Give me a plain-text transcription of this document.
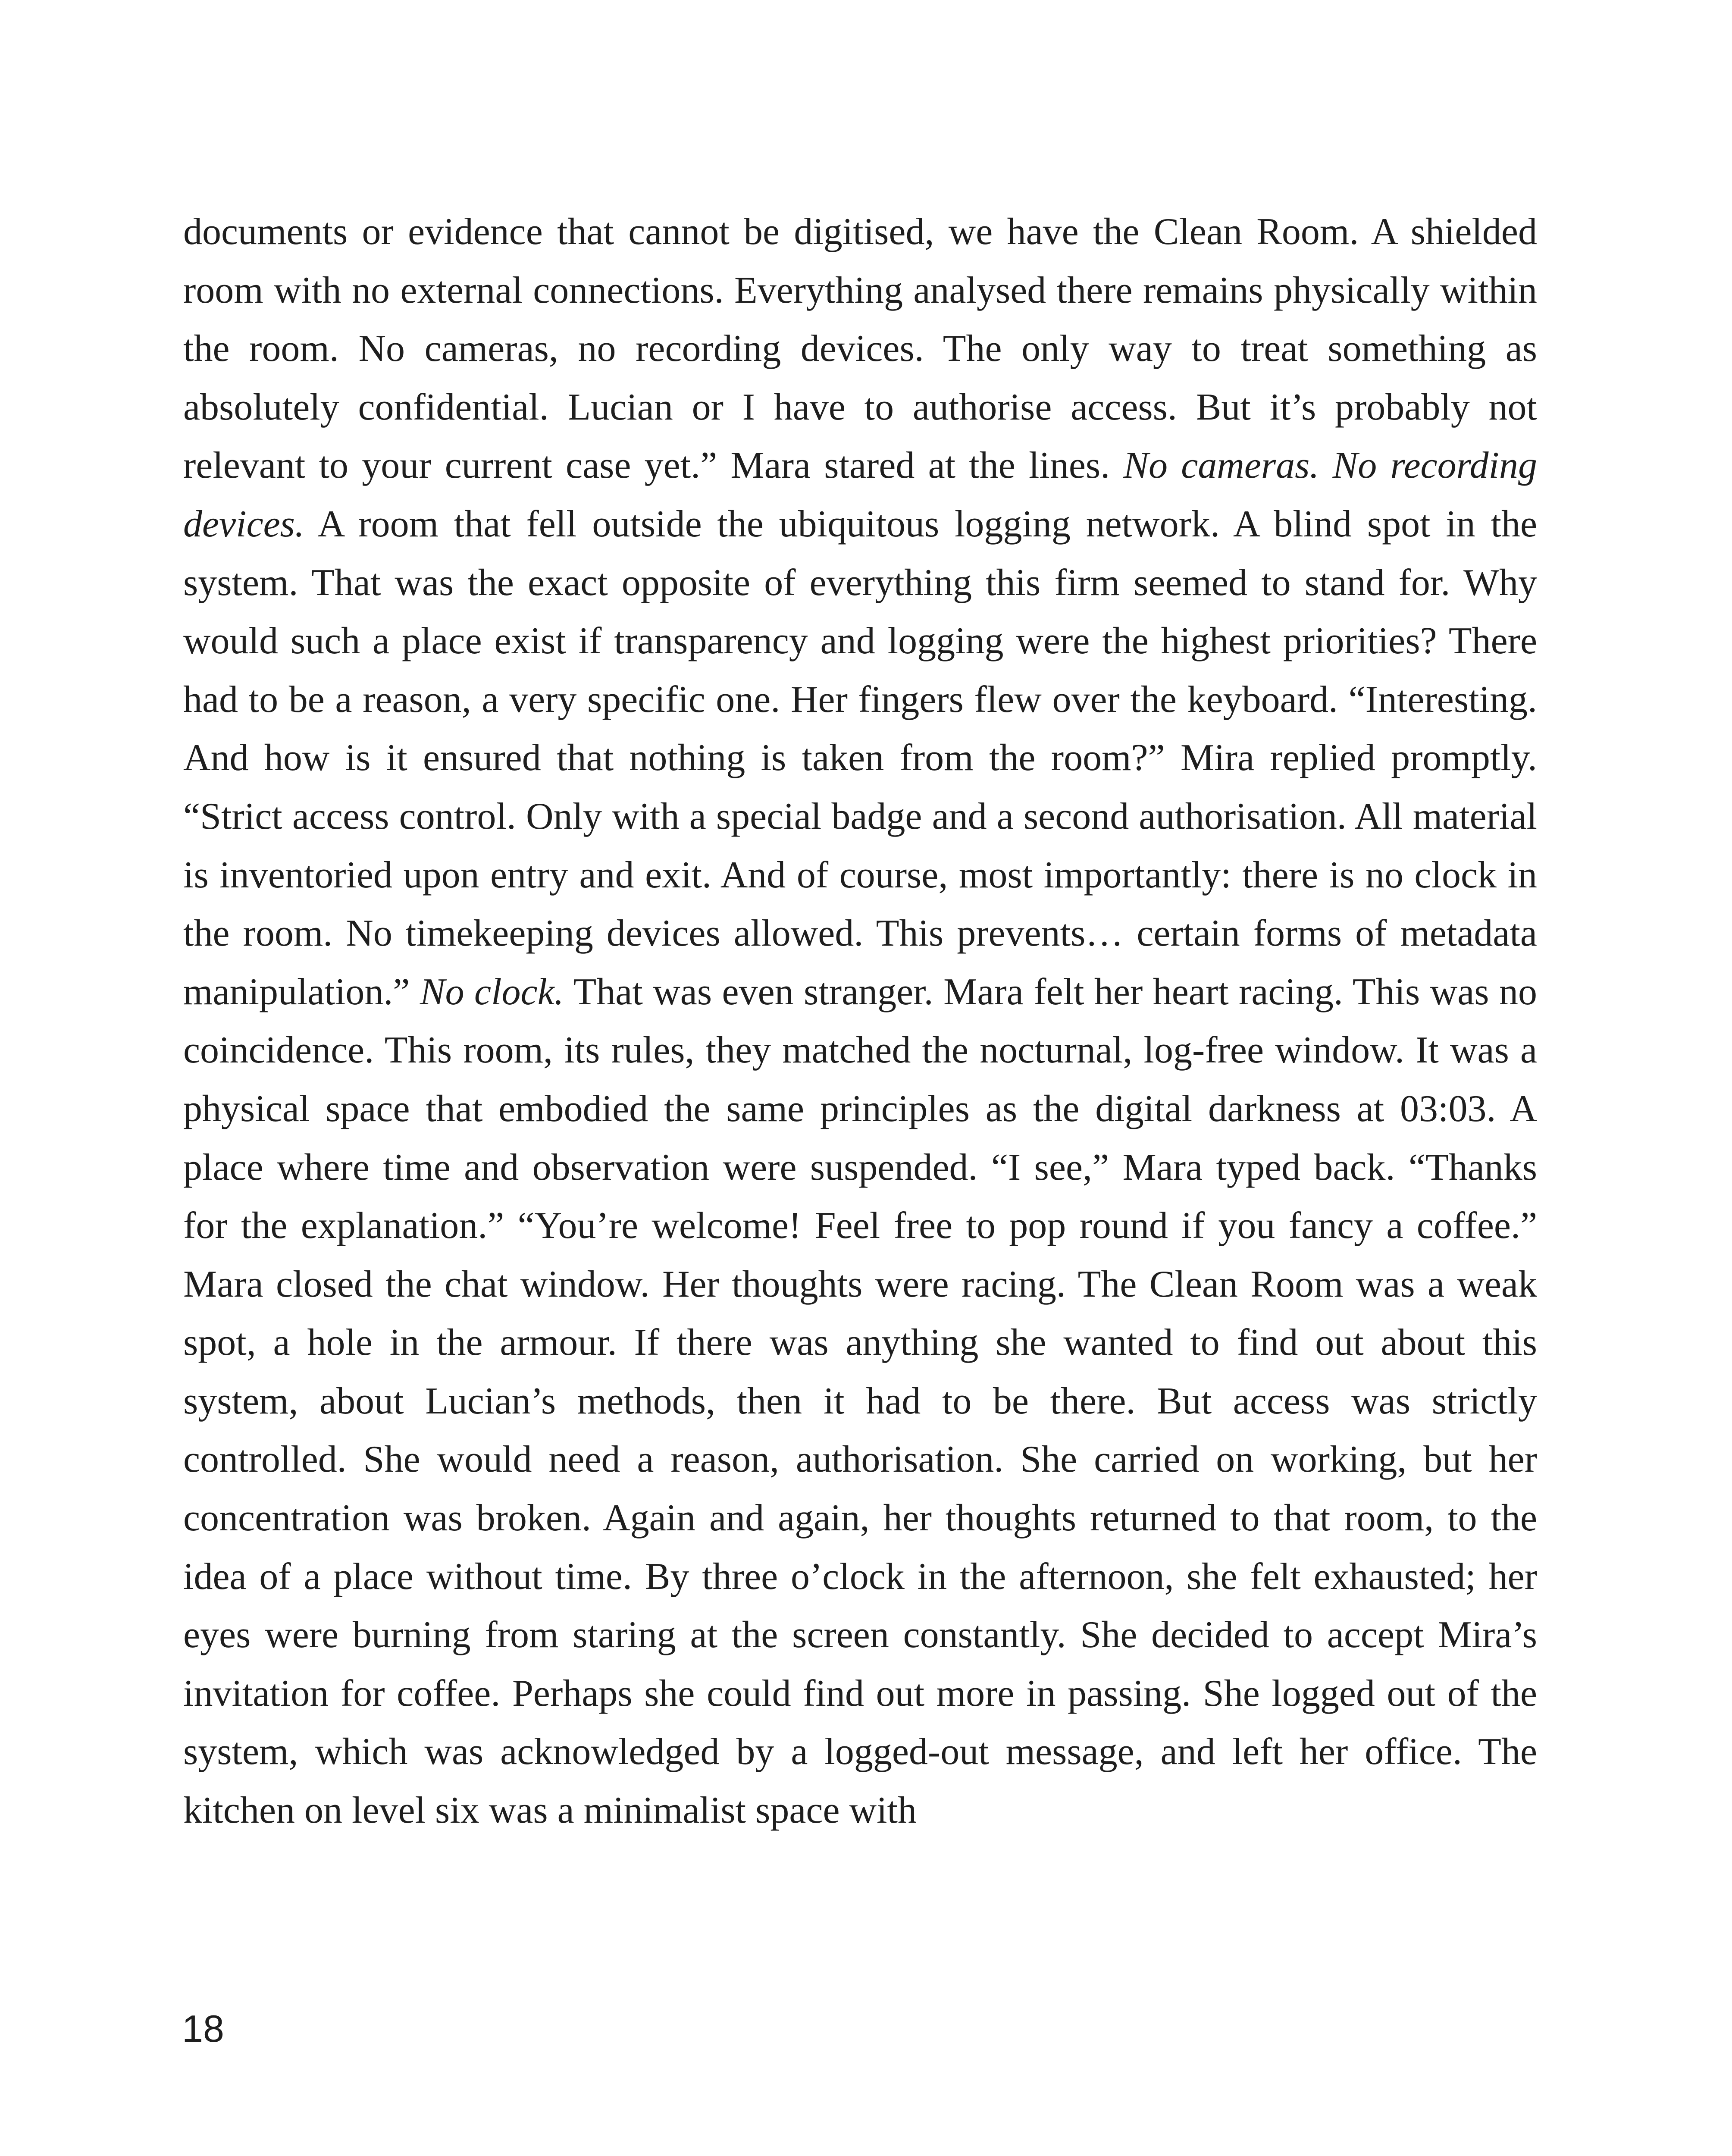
documents or evidence that cannot be digitised, we have the Clean Room. A shielded room with no external connections. Everything analysed there remains physically within the room. No cameras, no recording devices. The only way to treat something as absolutely confidential. Lucian or I have to authorise access. But it’s probably not relevant to your current case yet.” Mara stared at the lines. No cameras. No recording devices. A room that fell outside the ubiquitous logging network. A blind spot in the system. That was the exact opposite of everything this firm seemed to stand for. Why would such a place exist if transparency and logging were the highest priorities? There had to be a reason, a very specific one. Her fingers flew over the keyboard. “Interesting. And how is it ensured that nothing is taken from the room?” Mira replied promptly. “Strict access control. Only with a special badge and a second authorisation. All material is inventoried upon entry and exit. And of course, most importantly: there is no clock in the room. No timekeeping devices allowed. This prevents… certain forms of metadata manipulation.” No clock. That was even stranger. Mara felt her heart racing. This was no coincidence. This room, its rules, they matched the nocturnal, log-free window. It was a physical space that embodied the same principles as the digital darkness at 03:03. A place where time and observation were suspended. “I see,” Mara typed back. “Thanks for the explanation.” “You’re welcome! Feel free to pop round if you fancy a coffee.” Mara closed the chat window. Her thoughts were racing. The Clean Room was a weak spot, a hole in the armour. If there was anything she wanted to find out about this system, about Lucian’s methods, then it had to be there. But access was strictly controlled. She would need a reason, authorisation. She carried on working, but her concentration was broken. Again and again, her thoughts returned to that room, to the idea of a place without time. By three o’clock in the afternoon, she felt exhausted; her eyes were burning from staring at the screen constantly. She decided to accept Mira’s invitation for coffee. Perhaps she could find out more in passing. She logged out of the system, which was acknowledged by a logged-out message, and left her office. The kitchen on level six was a minimalist space with

18
